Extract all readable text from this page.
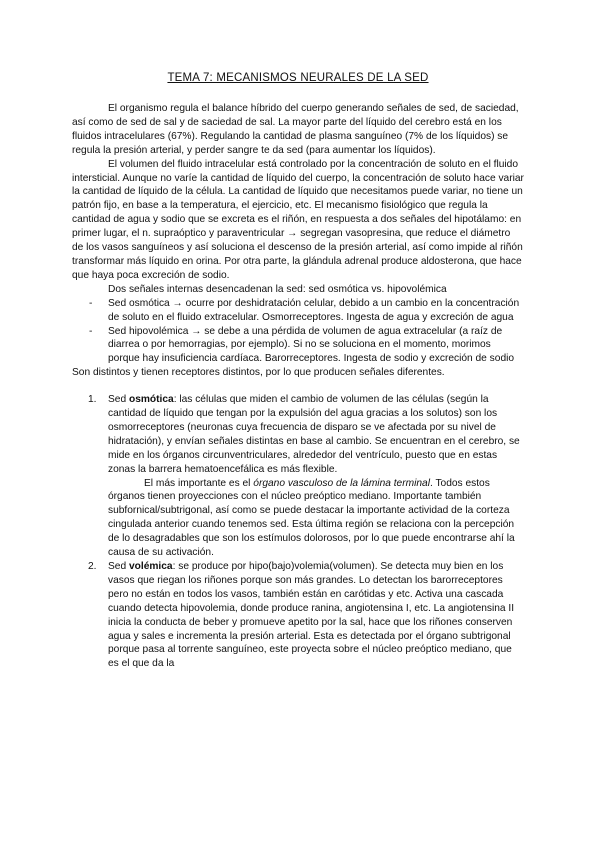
TEMA 7: MECANISMOS NEURALES DE LA SED

El organismo regula el balance híbrido del cuerpo generando señales de sed, de saciedad, así como de sed de sal y de saciedad de sal. La mayor parte del líquido del cerebro está en los fluidos intracelulares (67%). Regulando la cantidad de plasma sanguíneo (7% de los líquidos) se regula la presión arterial, y perder sangre te da sed (para aumentar los líquidos).

El volumen del fluido intracelular está controlado por la concentración de soluto en el fluido intersticial. Aunque no varíe la cantidad de líquido del cuerpo, la concentración de soluto hace variar la cantidad de líquido de la célula. La cantidad de líquido que necesitamos puede variar, no tiene un patrón fijo, en base a la temperatura, el ejercicio, etc. El mecanismo fisiológico que regula la cantidad de agua y sodio que se excreta es el riñón, en respuesta a dos señales del hipotálamo: en primer lugar, el n. supraóptico y paraventricular → segregan vasopresina, que reduce el diámetro de los vasos sanguíneos y así soluciona el descenso de la presión arterial, así como impide al riñón transformar más líquido en orina. Por otra parte, la glándula adrenal produce aldosterona, que hace que haya poca excreción de sodio.

Dos señales internas desencadenan la sed: sed osmótica vs. hipovolémica

- Sed osmótica → ocurre por deshidratación celular, debido a un cambio en la concentración de soluto en el fluido extracelular. Osmorreceptores. Ingesta de agua y excreción de agua

- Sed hipovolémica → se debe a una pérdida de volumen de agua extracelular (a raíz de diarrea o por hemorragias, por ejemplo). Si no se soluciona en el momento, morimos porque hay insuficiencia cardíaca. Barorreceptores. Ingesta de sodio y excreción de sodio

Son distintos y tienen receptores distintos, por lo que producen señales diferentes.

1. Sed osmótica: las células que miden el cambio de volumen de las células (según la cantidad de líquido que tengan por la expulsión del agua gracias a los solutos) son los osmorreceptores (neuronas cuya frecuencia de disparo se ve afectada por su nivel de hidratación), y envían señales distintas en base al cambio. Se encuentran en el cerebro, se mide en los órganos circunventriculares, alrededor del ventrículo, puesto que en estas zonas la barrera hematoencefálica es más flexible.

El más importante es el órgano vasculoso de la lámina terminal. Todos estos órganos tienen proyecciones con el núcleo preóptico mediano. Importante también subfornical/subtrigonal, así como se puede destacar la importante actividad de la corteza cingulada anterior cuando tenemos sed. Esta última región se relaciona con la percepción de lo desagradables que son los estímulos dolorosos, por lo que puede encontrarse ahí la causa de su activación.

2. Sed volémica: se produce por hipo(bajo)volemia(volumen). Se detecta muy bien en los vasos que riegan los riñones porque son más grandes. Lo detectan los barorreceptores pero no están en todos los vasos, también están en carótidas y etc. Activa una cascada cuando detecta hipovolemia, donde produce ranina, angiotensina I, etc. La angiotensina II inicia la conducta de beber y promueve apetito por la sal, hace que los riñones conserven agua y sales e incrementa la presión arterial. Esta es detectada por el órgano subtrigonal porque pasa al torrente sanguíneo, este proyecta sobre el núcleo preóptico mediano, que es el que da la
